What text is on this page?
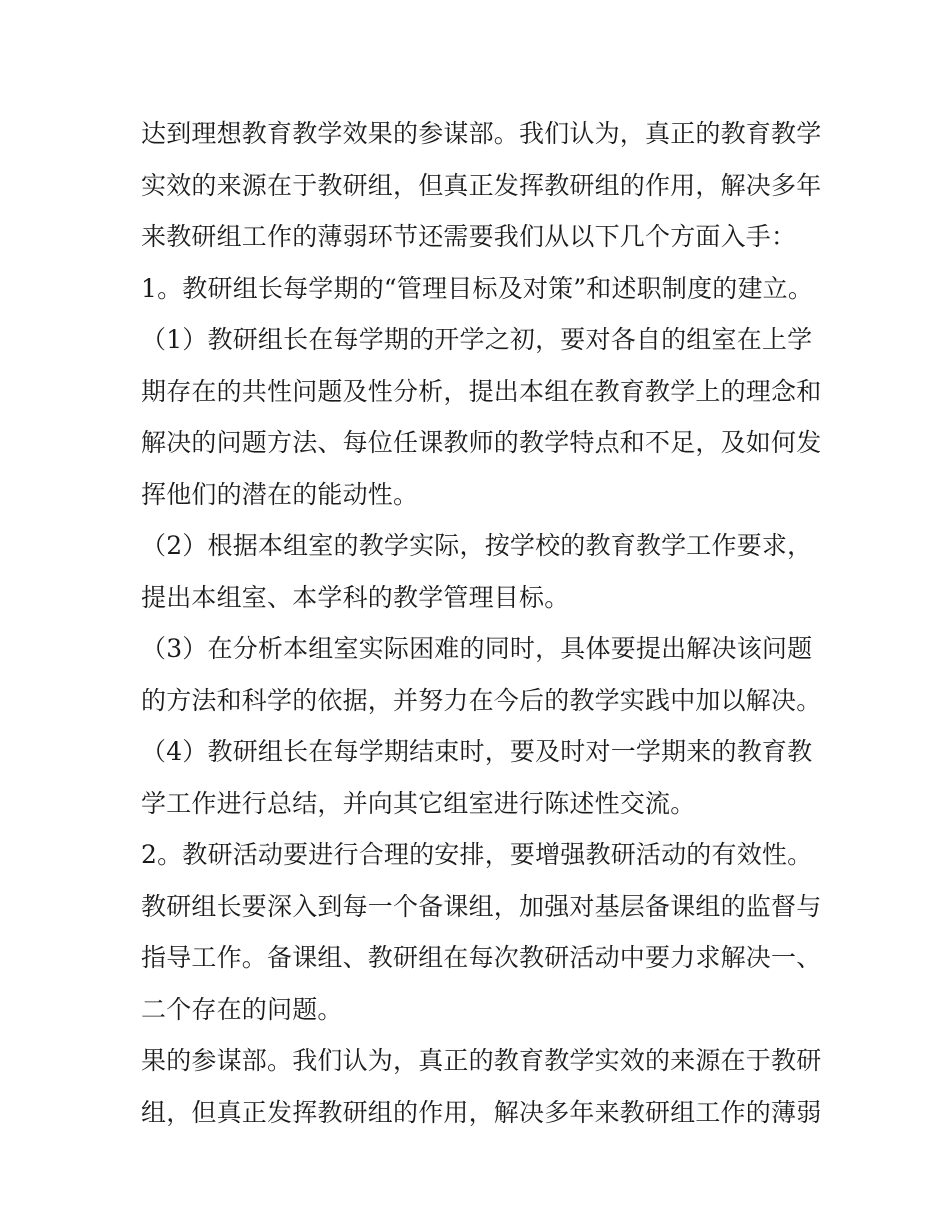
达到理想教育教学效果的参谋部。我们认为，真正的教育教学
实效的来源在于教研组，但真正发挥教研组的作用，解决多年
来教研组工作的薄弱环节还需要我们从以下几个方面入手：
1。教研组长每学期的“管理目标及对策”和述职制度的建立。
（1）教研组长在每学期的开学之初，要对各自的组室在上学
期存在的共性问题及性分析，提出本组在教育教学上的理念和
解决的问题方法、每位任课教师的教学特点和不足，及如何发
挥他们的潜在的能动性。
（2）根据本组室的教学实际，按学校的教育教学工作要求，
提出本组室、本学科的教学管理目标。
（3）在分析本组室实际困难的同时，具体要提出解决该问题
的方法和科学的依据，并努力在今后的教学实践中加以解决。
（4）教研组长在每学期结束时，要及时对一学期来的教育教
学工作进行总结，并向其它组室进行陈述性交流。
2。教研活动要进行合理的安排，要增强教研活动的有效性。
教研组长要深入到每一个备课组，加强对基层备课组的监督与
指导工作。备课组、教研组在每次教研活动中要力求解决一、
二个存在的问题。
果的参谋部。我们认为，真正的教育教学实效的来源在于教研
组，但真正发挥教研组的作用，解决多年来教研组工作的薄弱
